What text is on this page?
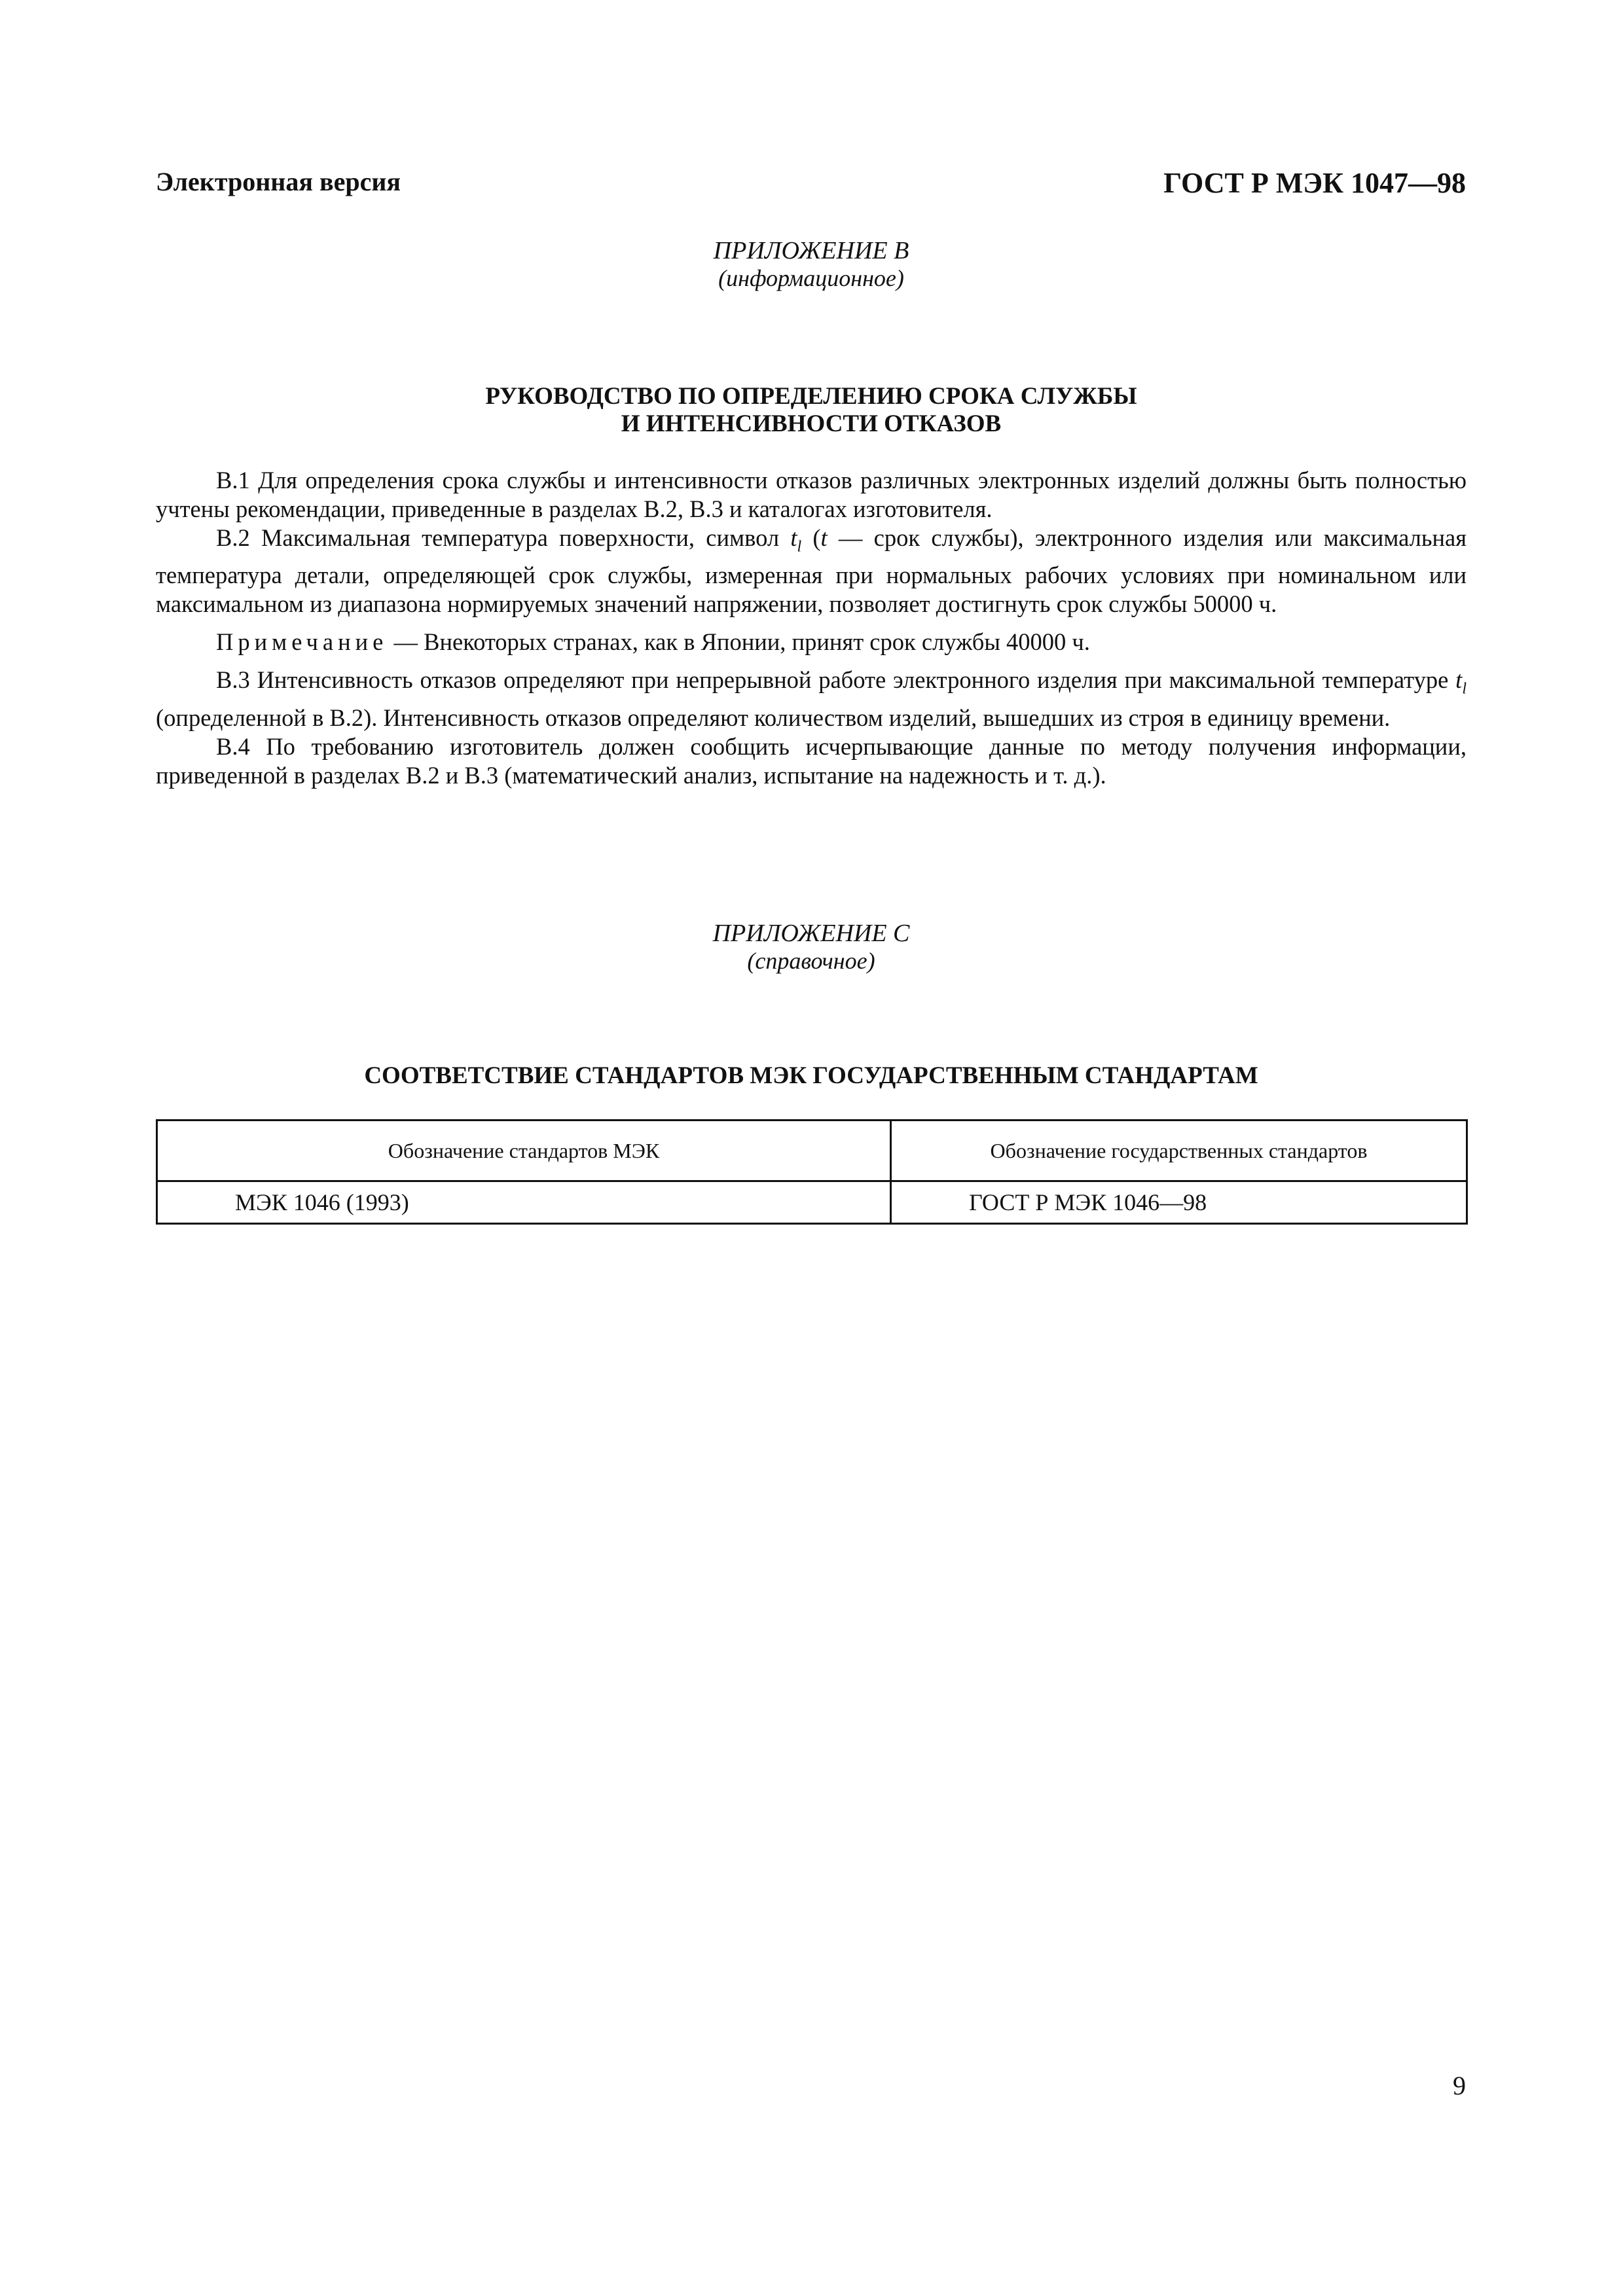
Электронная версия	ГОСТ Р МЭК 1047—98
ПРИЛОЖЕНИЕ В
(информационное)
РУКОВОДСТВО ПО ОПРЕДЕЛЕНИЮ СРОКА СЛУЖБЫ
И ИНТЕНСИВНОСТИ ОТКАЗОВ

В.1 Для определения срока службы и интенсивности отказов различных электронных изделий должны быть полностью учтены рекомендации, приведенные в разделах В.2, В.3 и каталогах изготовителя.

В.2 Максимальная температура поверхности, символ $t_l$ (t — срок службы), электронного изделия или максимальная температура детали, определяющей срок службы, измеренная при нормальных рабочих условиях при номинальном или максимальном из диапазона нормируемых значений напряжении, позволяет достигнуть срок службы 50000 ч.

Примечание — Внекоторых странах, как в Японии, принят срок службы 40000 ч.

В.3 Интенсивность отказов определяют при непрерывной работе электронного изделия при максимальной температуре $t_l$ (определенной в В.2). Интенсивность отказов определяют количеством изделий, вышедших из строя в единицу времени.

В.4 По требованию изготовитель должен сообщить исчерпывающие данные по методу получения информации, приведенной в разделах В.2 и В.3 (математический анализ, испытание на надежность и т. д.).

ПРИЛОЖЕНИЕ С
(справочное)
СООТВЕТСТВИЕ СТАНДАРТОВ МЭК ГОСУДАРСТВЕННЫМ СТАНДАРТАМ
Обозначение стандартов МЭК	Обозначение государственных стандартов
МЭК 1046 (1993)	ГОСТ Р МЭК 1046—98
9
